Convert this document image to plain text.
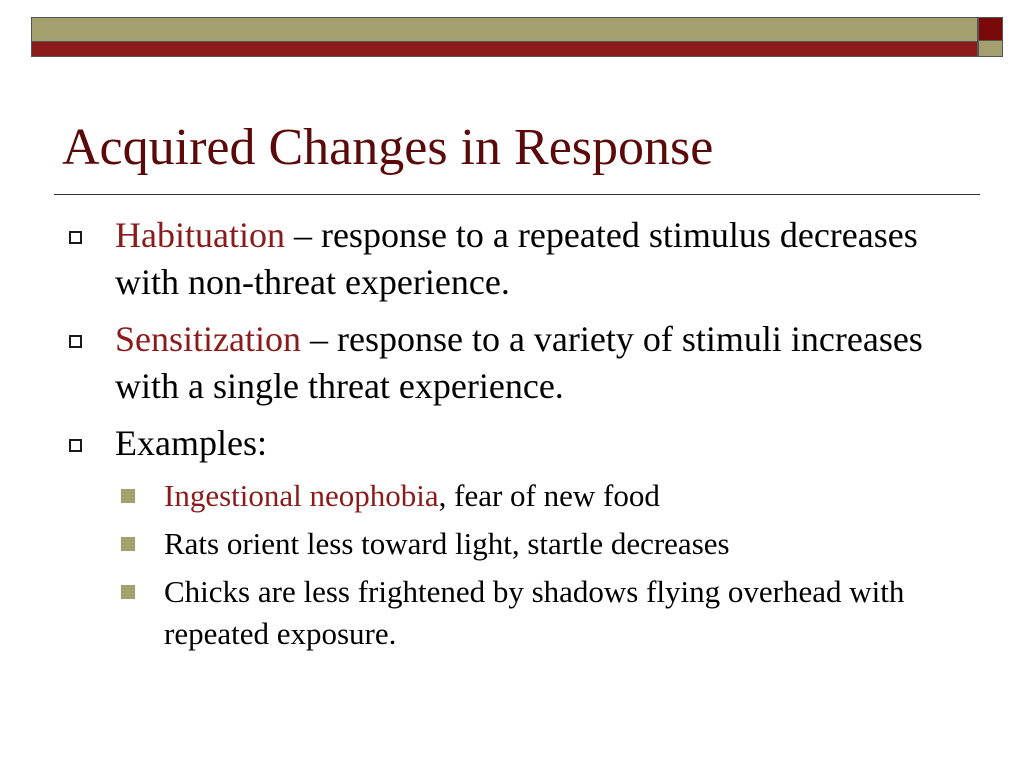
Acquired Changes in Response
Habituation – response to a repeated stimulus decreases with non-threat experience.
Sensitization – response to a variety of stimuli increases with a single threat experience.
Examples:
Ingestional neophobia, fear of new food
Rats orient less toward light, startle decreases
Chicks are less frightened by shadows flying overhead with repeated exposure.
